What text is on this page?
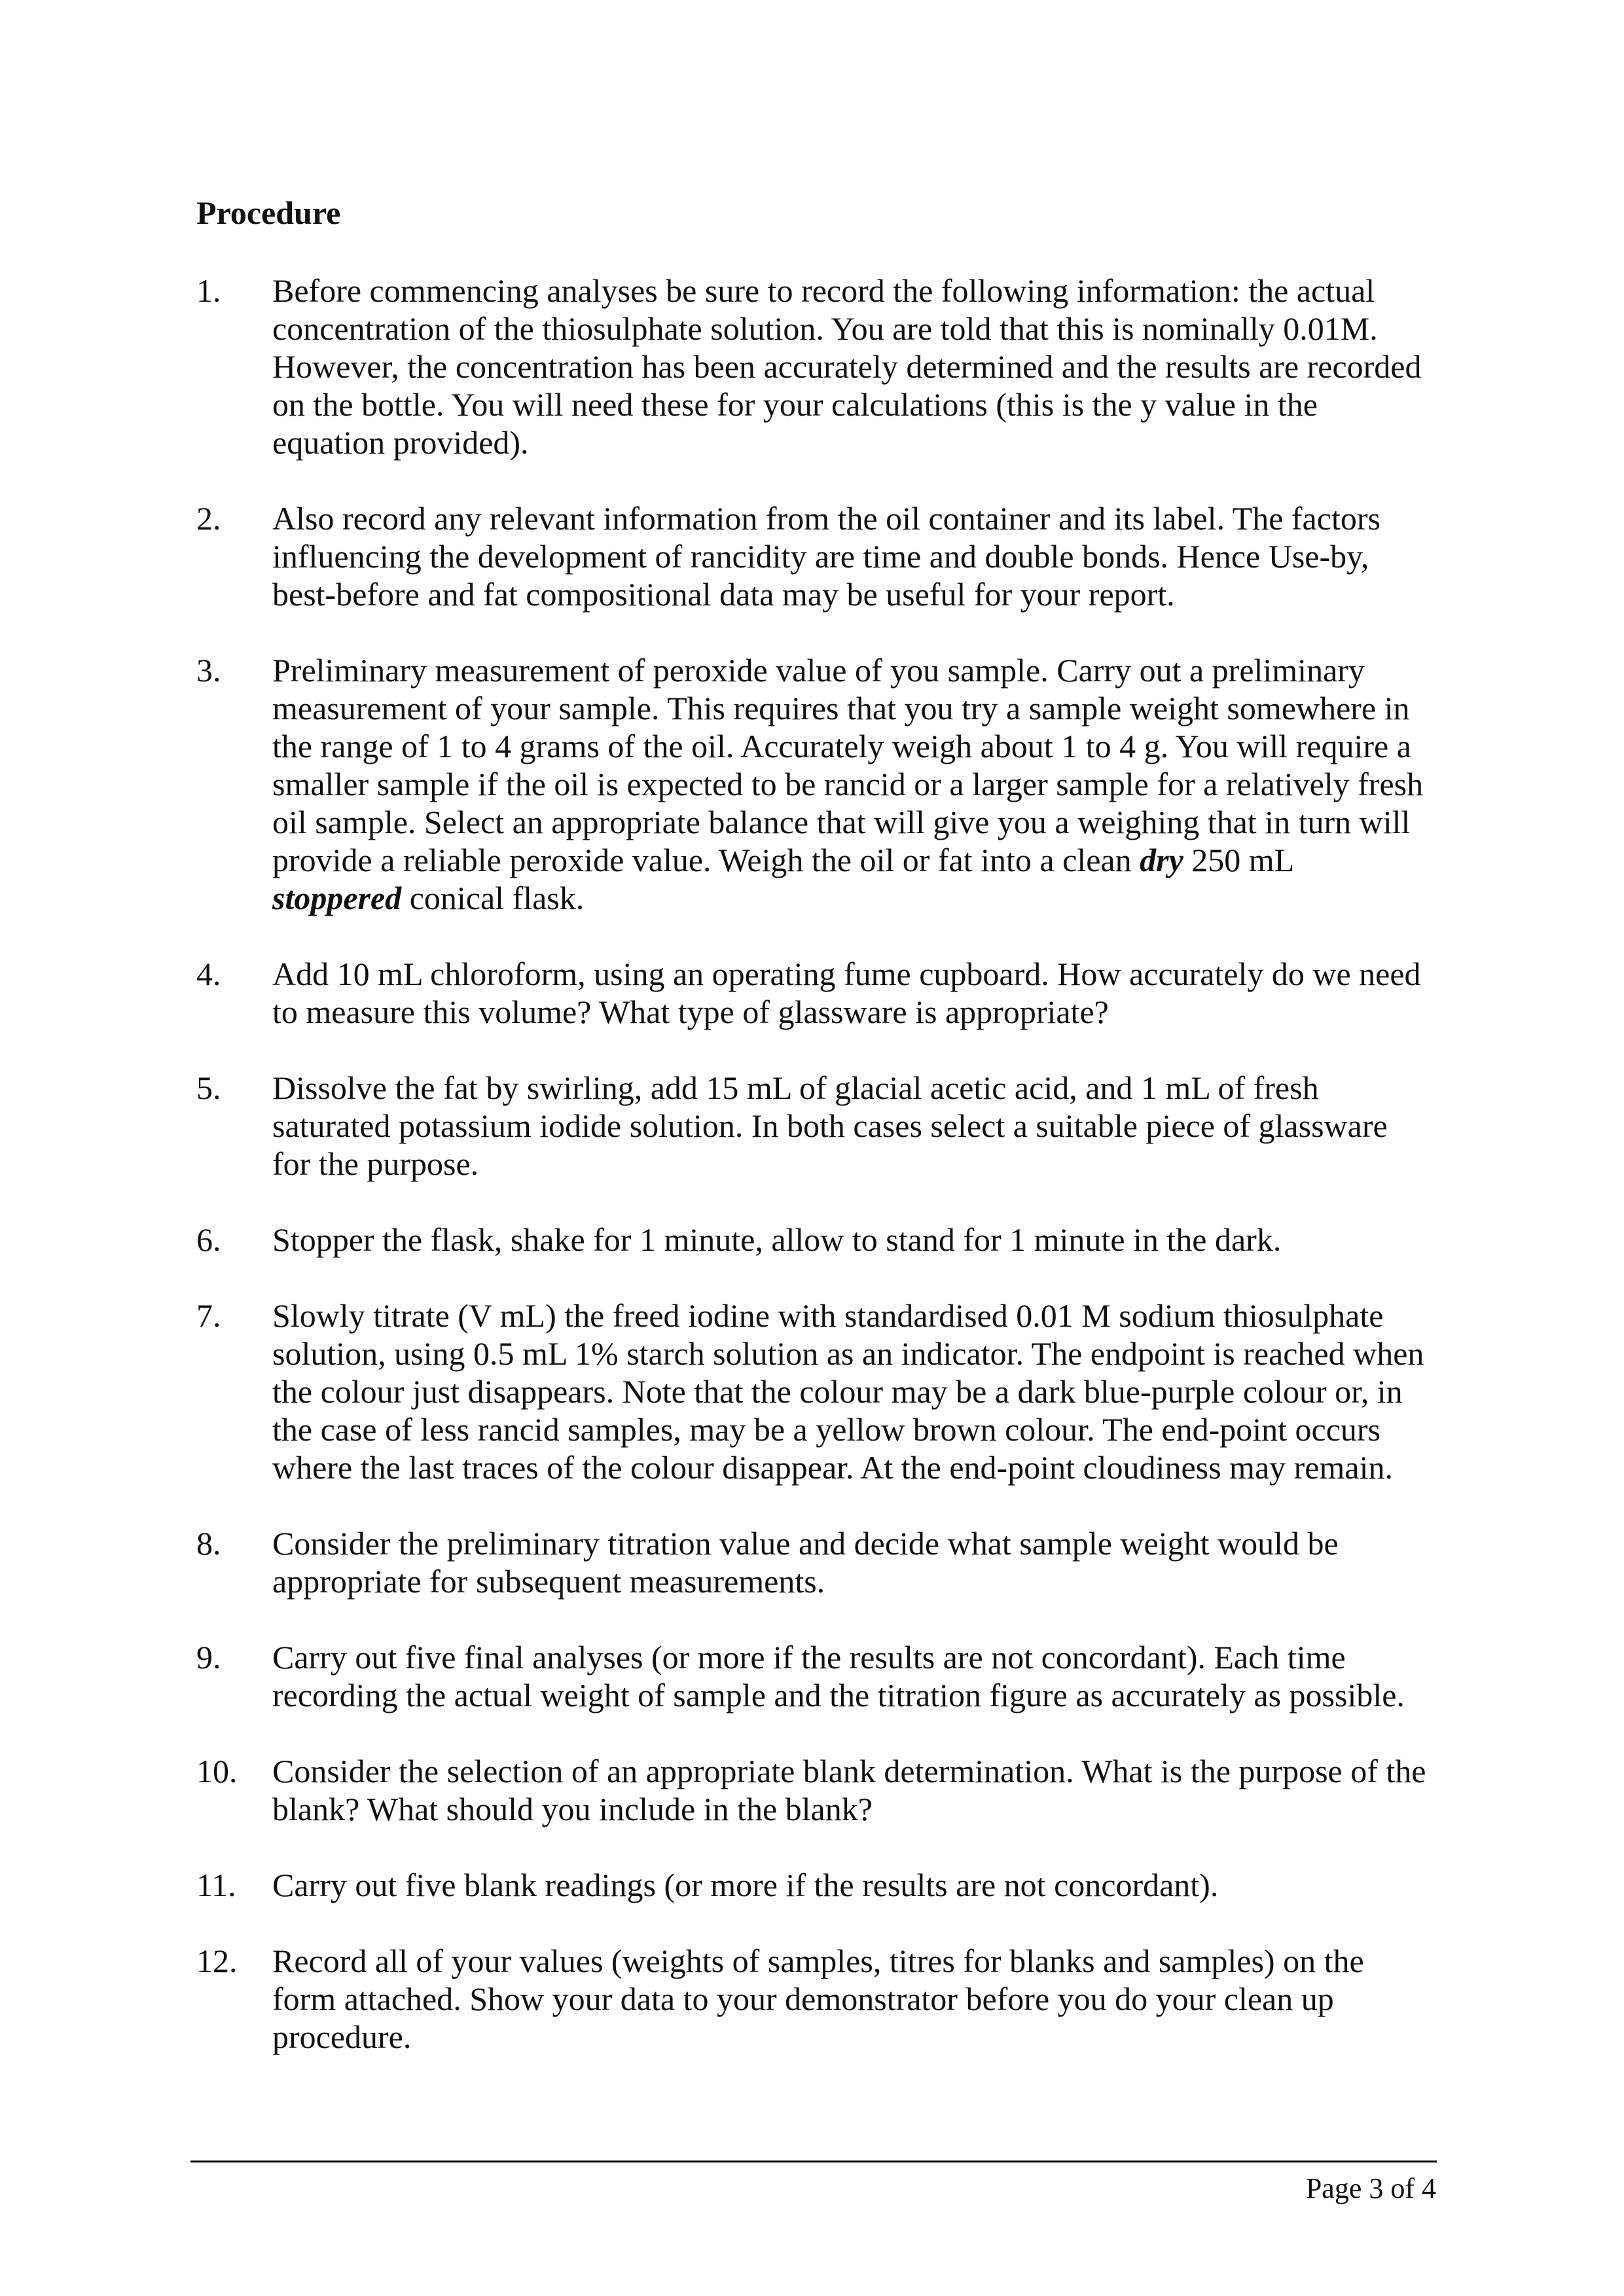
Procedure
1. Before commencing analyses be sure to record the following information: the actual
concentration of the thiosulphate solution. You are told that this is nominally 0.01M.
However, the concentration has been accurately determined and the results are recorded
on the bottle. You will need these for your calculations (this is the y value in the
equation provided).
2. Also record any relevant information from the oil container and its label. The factors
influencing the development of rancidity are time and double bonds. Hence Use-by,
best-before and fat compositional data may be useful for your report.
3. Preliminary measurement of peroxide value of you sample. Carry out a preliminary
measurement of your sample. This requires that you try a sample weight somewhere in
the range of 1 to 4 grams of the oil. Accurately weigh about 1 to 4 g. You will require a
smaller sample if the oil is expected to be rancid or a larger sample for a relatively fresh
oil sample. Select an appropriate balance that will give you a weighing that in turn will
provide a reliable peroxide value. Weigh the oil or fat into a clean dry 250 mL
stoppered conical flask.
4. Add 10 mL chloroform, using an operating fume cupboard. How accurately do we need
to measure this volume? What type of glassware is appropriate?
5. Dissolve the fat by swirling, add 15 mL of glacial acetic acid, and 1 mL of fresh
saturated potassium iodide solution. In both cases select a suitable piece of glassware
for the purpose.
6. Stopper the flask, shake for 1 minute, allow to stand for 1 minute in the dark.
7. Slowly titrate (V mL) the freed iodine with standardised 0.01 M sodium thiosulphate
solution, using 0.5 mL 1% starch solution as an indicator. The endpoint is reached when
the colour just disappears. Note that the colour may be a dark blue-purple colour or, in
the case of less rancid samples, may be a yellow brown colour. The end-point occurs
where the last traces of the colour disappear. At the end-point cloudiness may remain.
8. Consider the preliminary titration value and decide what sample weight would be
appropriate for subsequent measurements.
9. Carry out five final analyses (or more if the results are not concordant). Each time
recording the actual weight of sample and the titration figure as accurately as possible.
10. Consider the selection of an appropriate blank determination. What is the purpose of the
blank? What should you include in the blank?
11. Carry out five blank readings (or more if the results are not concordant).
12. Record all of your values (weights of samples, titres for blanks and samples) on the
form attached. Show your data to your demonstrator before you do your clean up
procedure.
Page 3 of 4
